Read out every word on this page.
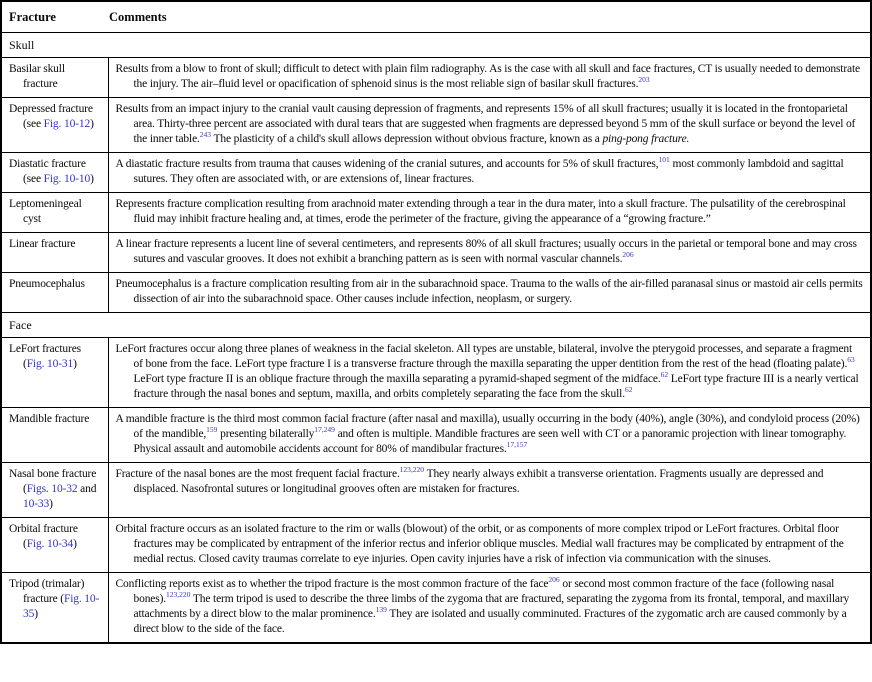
Fracture Comments	

Skull	

Basilar skull fracture	Results from a blow to front of skull; difficult to detect with plain film radiography. As is the case with all skull and face fractures, CT is usually needed to demonstrate the injury. The air–fluid level or opacification of sphenoid sinus is the most reliable sign of basilar skull fractures.$^{203}$

Depressed fracture (see Fig. 10-12)	Results from an impact injury to the cranial vault causing depression of fragments, and represents 15% of all skull fractures; usually it is located in the frontoparietal area. Thirty-three percent are associated with dural tears that are suggested when fragments are depressed beyond 5 mm of the skull surface or beyond the level of the inner table.$^{243}$ The plasticity of a child's skull allows depression without obvious fracture, known as a ping-pong fracture.

Diastatic fracture (see Fig. 10-10)	A diastatic fracture results from trauma that causes widening of the cranial sutures, and accounts for 5% of skull fractures,$^{101}$ most commonly lambdoid and sagittal sutures. They often are associated with, or are extensions of, linear fractures.

Leptomeningeal cyst	Represents fracture complication resulting from arachnoid mater extending through a tear in the dura mater, into a skull fracture. The pulsatility of the cerebrospinal fluid may inhibit fracture healing and, at times, erode the perimeter of the fracture, giving the appearance of a “growing fracture.”

Linear fracture	A linear fracture represents a lucent line of several centimeters, and represents 80% of all skull fractures; usually occurs in the parietal or temporal bone and may cross sutures and vascular grooves. It does not exhibit a branching pattern as is seen with normal vascular channels.$^{206}$

Pneumocephalus	Pneumocephalus is a fracture complication resulting from air in the subarachnoid space. Trauma to the walls of the air-filled paranasal sinus or mastoid air cells permits dissection of air into the subarachnoid space. Other causes include infection, neoplasm, or surgery.

Face	

LeFort fractures (Fig. 10-31)	LeFort fractures occur along three planes of weakness in the facial skeleton. All types are unstable, bilateral, involve the pterygoid processes, and separate a fragment of bone from the face. LeFort type fracture I is a transverse fracture through the maxilla separating the upper dentition from the rest of the head (floating palate).$^{63}$ LeFort type fracture II is an oblique fracture through the maxilla separating a pyramid-shaped segment of the midface.$^{62}$ LeFort type fracture III is a nearly vertical fracture through the nasal bones and septum, maxilla, and orbits completely separating the face from the skull.$^{62}$

Mandible fracture	A mandible fracture is the third most common facial fracture (after nasal and maxilla), usually occurring in the body (40%), angle (30%), and condyloid process (20%) of the mandible,$^{159}$ presenting bilaterally$^{17,249}$ and often is multiple. Mandible fractures are seen well with CT or a panoramic projection with linear tomography. Physical assault and automobile accidents account for 80% of mandibular fractures.$^{17,157}$

Nasal bone fracture (Figs. 10-32 and 10-33)	Fracture of the nasal bones are the most frequent facial fracture.$^{123,220}$ They nearly always exhibit a transverse orientation. Fragments usually are depressed and displaced. Nasofrontal sutures or longitudinal grooves often are mistaken for fractures.

Orbital fracture (Fig. 10-34)	Orbital fracture occurs as an isolated fracture to the rim or walls (blowout) of the orbit, or as components of more complex tripod or LeFort fractures. Orbital floor fractures may be complicated by entrapment of the inferior rectus and inferior oblique muscles. Medial wall fractures may be complicated by entrapment of the medial rectus. Closed cavity traumas correlate to eye injuries. Open cavity injuries have a risk of infection via communication with the sinuses.

Tripod (trimalar) fracture (Fig. 10-35)	Conflicting reports exist as to whether the tripod fracture is the most common fracture of the face$^{206}$ or second most common fracture of the face (following nasal bones).$^{123,220}$ The term tripod is used to describe the three limbs of the zygoma that are fractured, separating the zygoma from its frontal, temporal, and maxillary attachments by a direct blow to the malar prominence.$^{139}$ They are isolated and usually comminuted. Fractures of the zygomatic arch are caused commonly by a direct blow to the side of the face.
